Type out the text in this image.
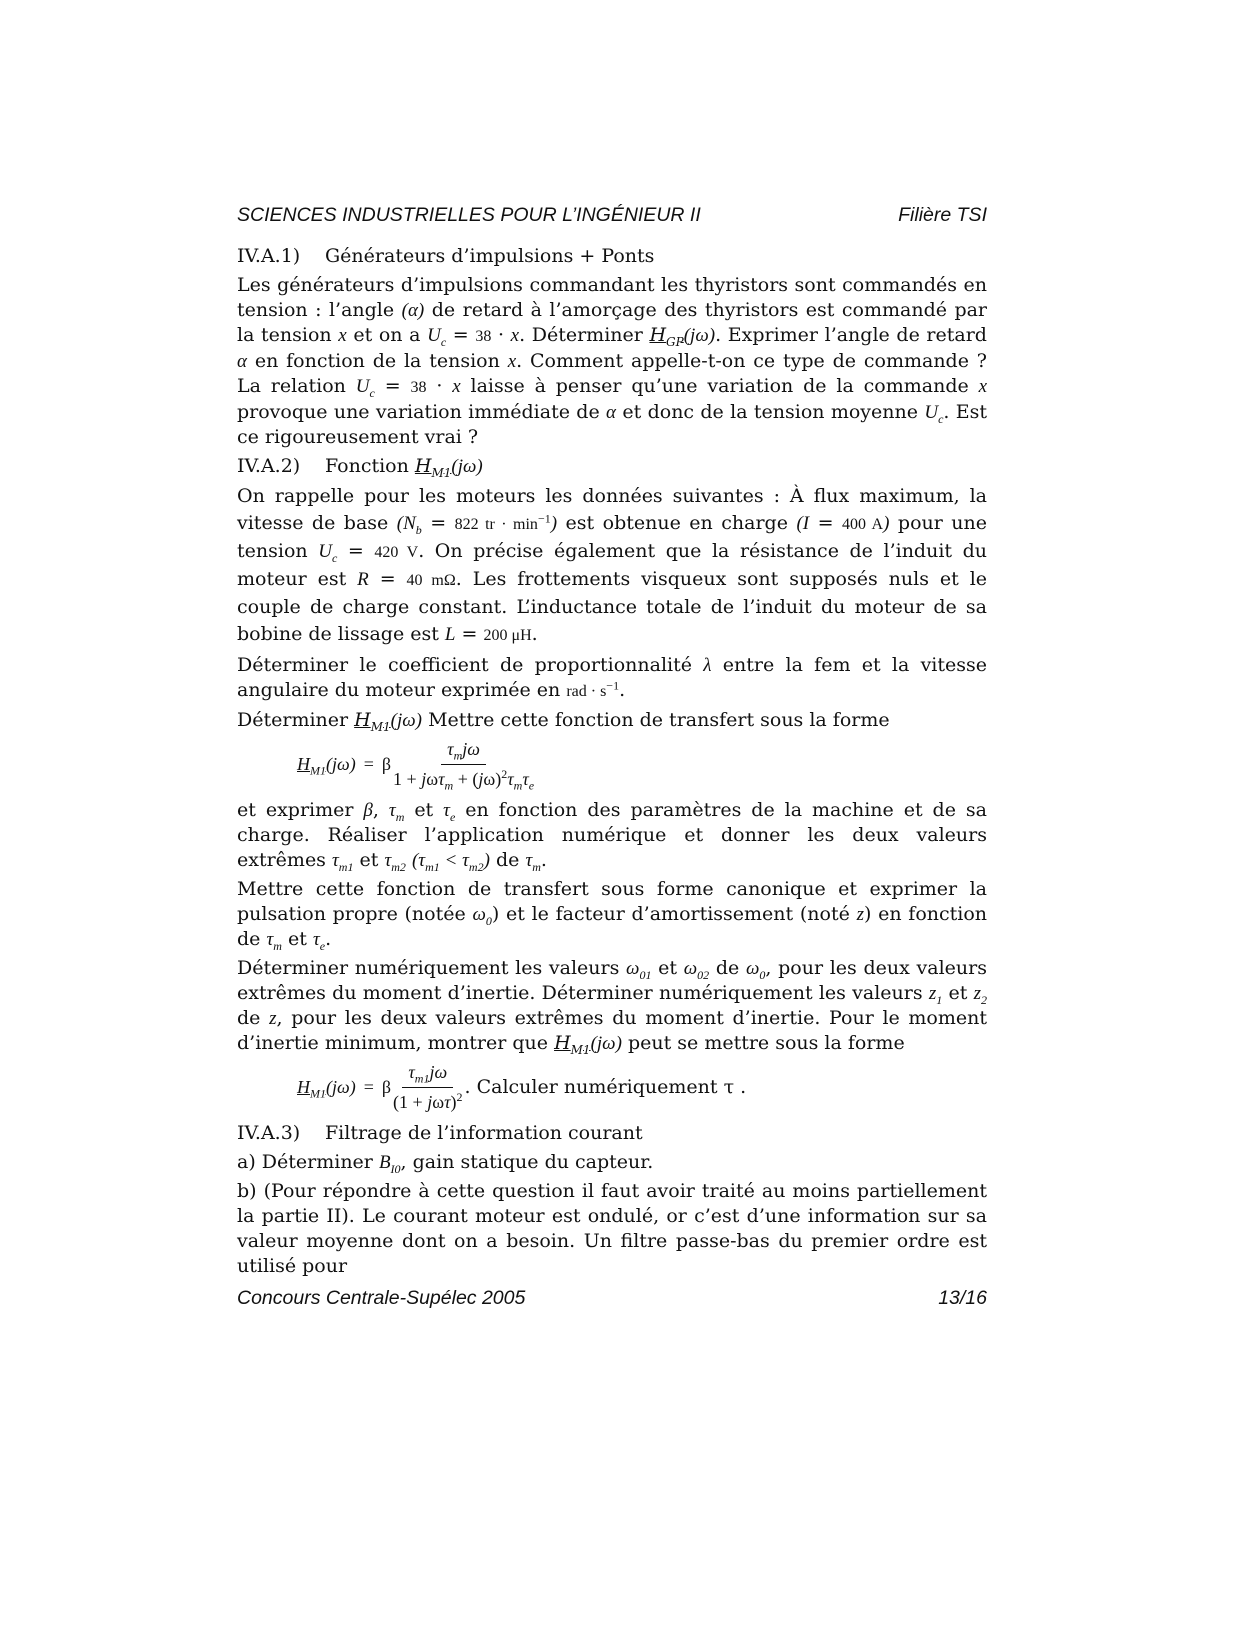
SCIENCES INDUSTRIELLES POUR L’INGÉNIEUR II	Filière TSI
IV.A.1) Générateurs d’impulsions + Ponts

Les générateurs d’impulsions commandant les thyristors sont commandés en tension : l’angle (α) de retard à l’amorçage des thyristors est commandé par la tension x et on a $U_c = 38 \cdot x$. Déterminer $H_{GP}(j\omega)$. Exprimer l’angle de retard α en fonction de la tension x. Comment appelle-t-on ce type de commande ? La relation $U_c = 38 \cdot x$ laisse à penser qu’une variation de la commande x provoque une variation immédiate de α et donc de la tension moyenne $U_c$. Est ce rigoureusement vrai ?

IV.A.2) Fonction $H_{M1}(j\omega)$

On rappelle pour les moteurs les données suivantes : À flux maximum, la vitesse de base ($N_b = 822$ tr · $\min^{-1}$) est obtenue en charge (I = 400 A) pour une tension $U_c = 420$ V. On précise également que la résistance de l’induit du moteur est R = 40 mΩ. Les frottements visqueux sont supposés nuls et le couple de charge constant. L’inductance totale de l’induit du moteur de sa bobine de lissage est L = 200 μH.

Déterminer le coefficient de proportionnalité λ entre la fem et la vitesse angulaire du moteur exprimée en rad · $s^{-1}$.

Déterminer $H_{M1}(j\omega)$ Mettre cette fonction de transfert sous la forme

$H_{M1}$ (jω) = β $\frac{\tau_mj\omega}{1 + j\omega\tau_m + (j\omega)^2\tau_m\tau_e}$

et exprimer β, $\tau_m$ et $\tau_e$ en fonction des paramètres de la machine et de sa charge. Réaliser l’application numérique et donner les deux valeurs extrêmes $\tau_{m1}$ et $\tau_{m2}$ $(\tau_{m1} < \tau_{m2})$ de $\tau_m$.

Mettre cette fonction de transfert sous forme canonique et exprimer la pulsation propre (notée $\omega_0$) et le facteur d’amortissement (noté z) en fonction de $\tau_m$ et $\tau_e$.

Déterminer numériquement les valeurs $\omega_{01}$ et $\omega_{02}$ de $\omega_0$, pour les deux valeurs extrêmes du moment d’inertie. Déterminer numériquement les valeurs $z_1$ et $z_2$ de z, pour les deux valeurs extrêmes du moment d’inertie. Pour le moment d’inertie minimum, montrer que $H_{M1}(j\omega)$ peut se mettre sous la forme

$H_{M1}$ (jω) = β $\frac{\tau_{m1}j\omega}{(1 + j\omega\tau)^2}$ . Calculer numériquement τ .
IV.A.3) Filtrage de l’information courant

a) Déterminer $B_{I0}$, gain statique du capteur.

b) (Pour répondre à cette question il faut avoir traité au moins partiellement la partie II). Le courant moteur est ondulé, or c’est d’une information sur sa valeur moyenne dont on a besoin. Un filtre passe-bas du premier ordre est utilisé pour

Concours Centrale-Supélec 2005	13/16
